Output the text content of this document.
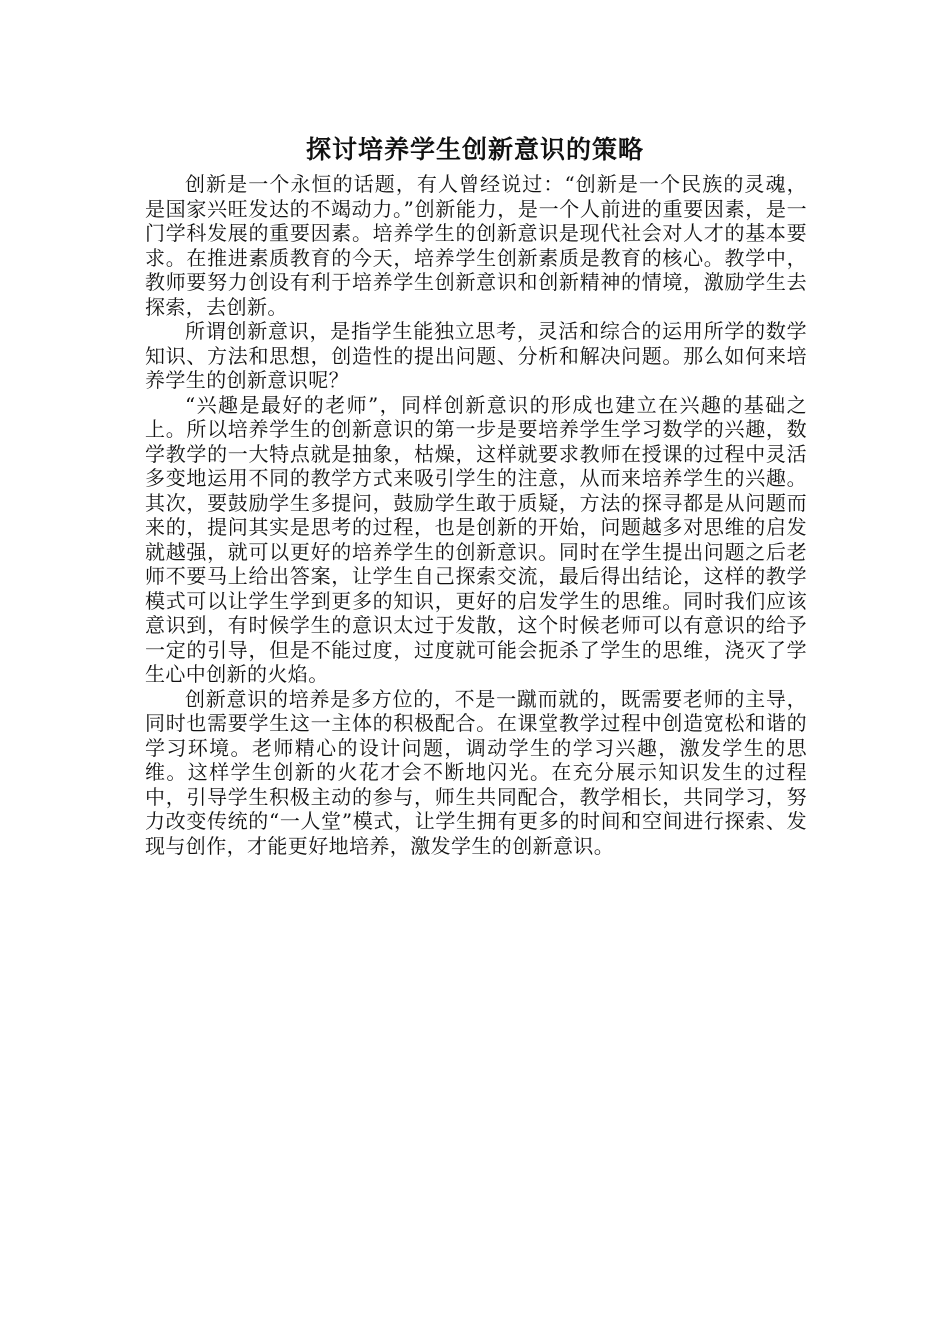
探讨培养学生创新意识的策略

创新是一个永恒的话题，有人曾经说过：“创新是一个民族的灵魂，是国家兴旺发达的不竭动力。”创新能力，是一个人前进的重要因素，是一门学科发展的重要因素。培养学生的创新意识是现代社会对人才的基本要求。在推进素质教育的今天，培养学生创新素质是教育的核心。教学中，教师要努力创设有利于培养学生创新意识和创新精神的情境，激励学生去探索，去创新。

所谓创新意识，是指学生能独立思考，灵活和综合的运用所学的数学知识、方法和思想，创造性的提出问题、分析和解决问题。那么如何来培养学生的创新意识呢？

“兴趣是最好的老师”，同样创新意识的形成也建立在兴趣的基础之上。所以培养学生的创新意识的第一步是要培养学生学习数学的兴趣，数学教学的一大特点就是抽象，枯燥，这样就要求教师在授课的过程中灵活多变地运用不同的教学方式来吸引学生的注意，从而来培养学生的兴趣。其次，要鼓励学生多提问，鼓励学生敢于质疑，方法的探寻都是从问题而来的，提问其实是思考的过程，也是创新的开始，问题越多对思维的启发就越强，就可以更好的培养学生的创新意识。同时在学生提出问题之后老师不要马上给出答案，让学生自己探索交流，最后得出结论，这样的教学模式可以让学生学到更多的知识，更好的启发学生的思维。同时我们应该意识到，有时候学生的意识太过于发散，这个时候老师可以有意识的给予一定的引导，但是不能过度，过度就可能会扼杀了学生的思维，浇灭了学生心中创新的火焰。

创新意识的培养是多方位的，不是一蹴而就的，既需要老师的主导，同时也需要学生这一主体的积极配合。在课堂教学过程中创造宽松和谐的学习环境。老师精心的设计问题，调动学生的学习兴趣，激发学生的思维。这样学生创新的火花才会不断地闪光。在充分展示知识发生的过程中，引导学生积极主动的参与，师生共同配合，教学相长，共同学习，努力改变传统的“一人堂”模式，让学生拥有更多的时间和空间进行探索、发现与创作，才能更好地培养，激发学生的创新意识。
